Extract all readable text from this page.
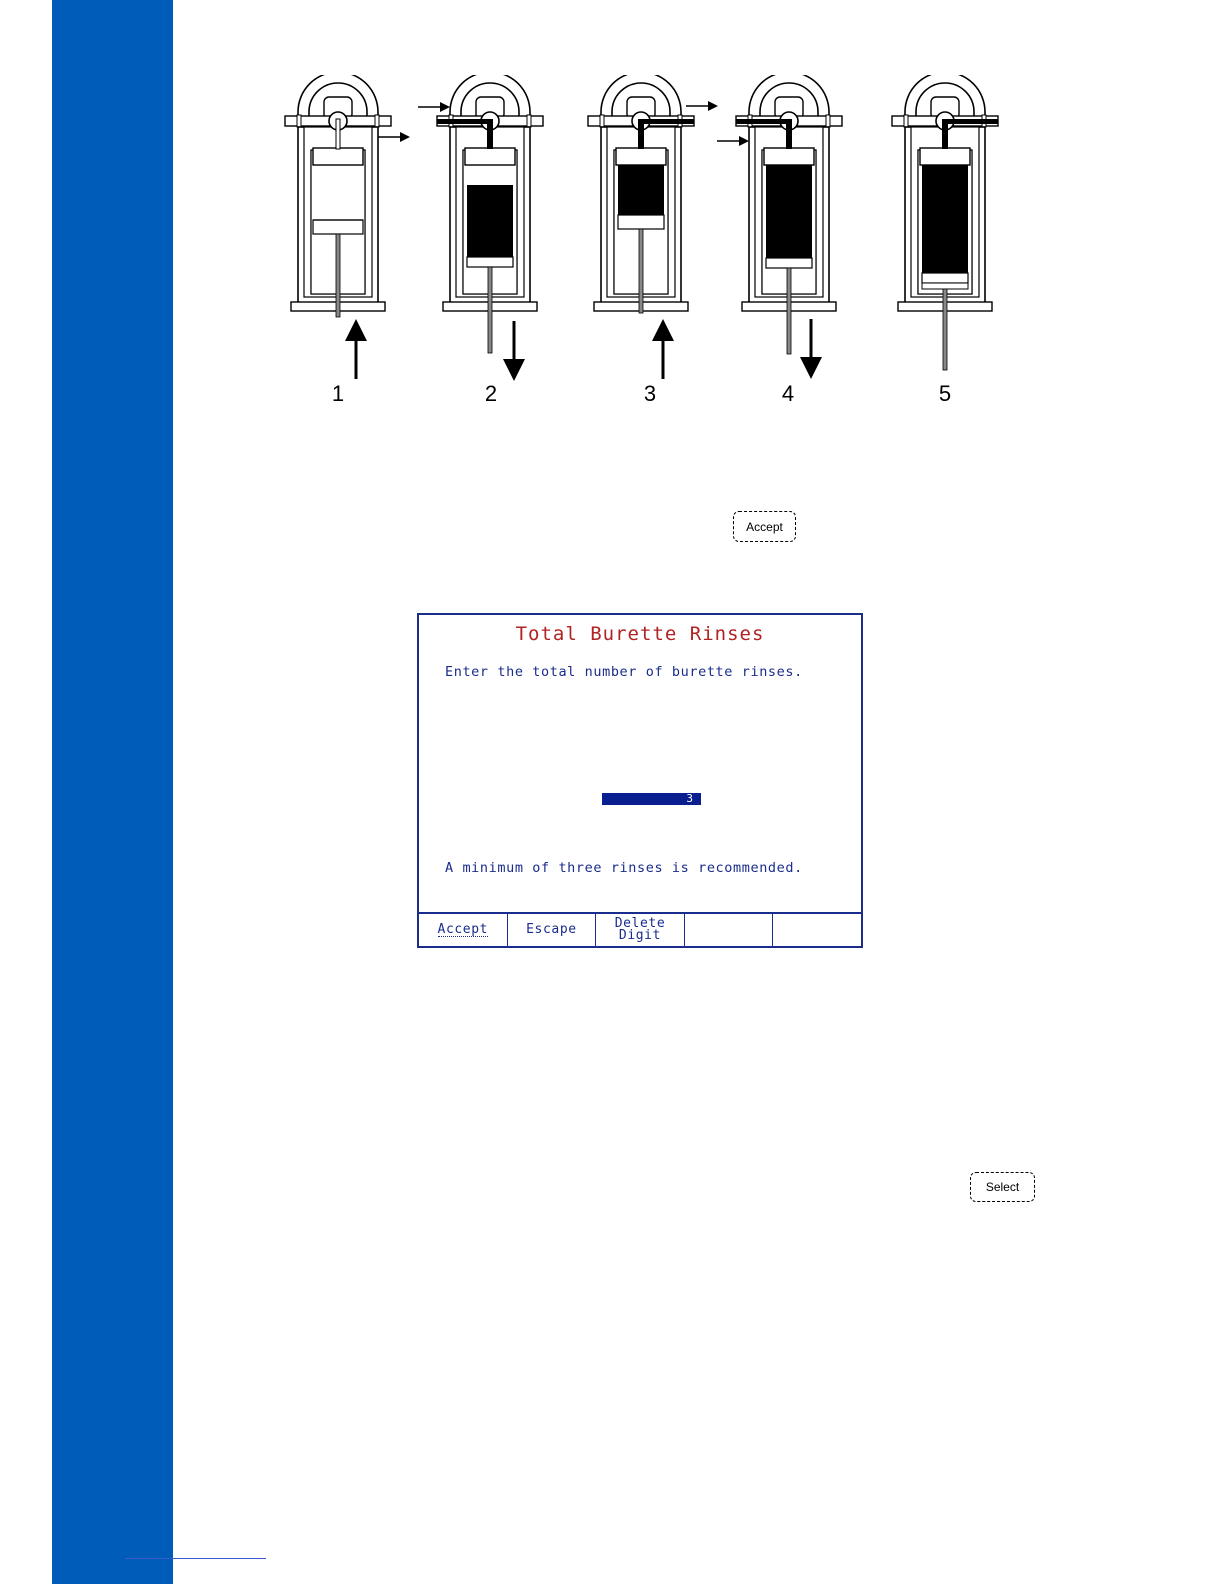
1	2	3	4	5
Accept
Total Burette Rinses
Enter the total number of burette rinses.
3
A minimum of three rinses is recommended.
Accept	Escape	Delete
Digit
Select
